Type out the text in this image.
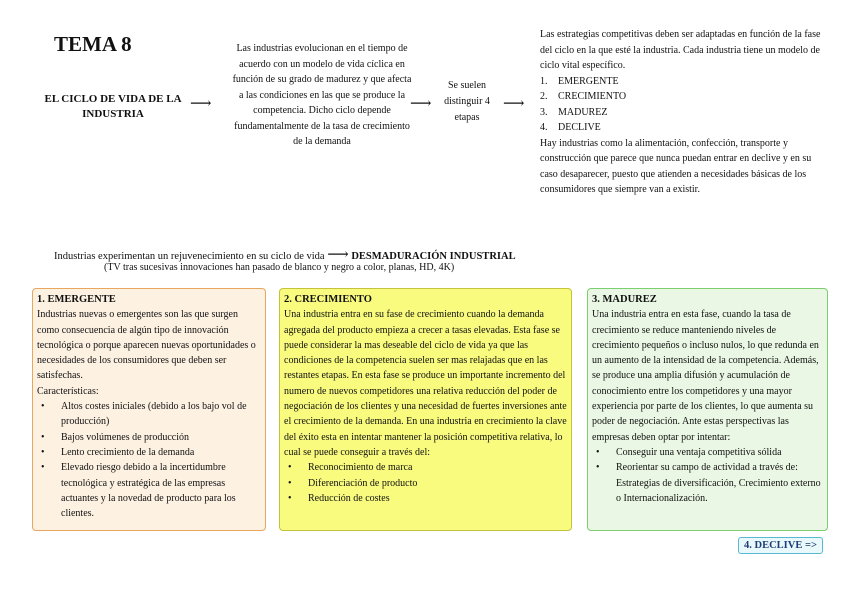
TEMA 8
EL CICLO DE VIDA DE LA INDUSTRIA
⟶
Las industrias evolucionan en el tiempo de acuerdo con un modelo de vida cíclica en función de su grado de madurez y que afecta a las condiciones en las que se produce la competencia. Dicho ciclo depende fundamentalmente de la tasa de crecimiento de la demanda
⟶
Se suelen distinguir 4 etapas
⟶
Las estrategias competitivas deben ser adaptadas en función de la fase del ciclo en la que esté la industria. Cada industria tiene un modelo de ciclo vital específico.
1. EMERGENTE
2. CRECIMIENTO
3. MADUREZ
4. DECLIVE
Hay industrias como la alimentación, confección, transporte y construcción que parece que nunca puedan entrar en declive y en su caso desaparecer, puesto que atienden a necesidades básicas de los consumidores que siempre van a existir.
Industrias experimentan un rejuvenecimiento en su ciclo de vida ⟶ DESMADURACIÓN INDUSTRIAL
(TV tras sucesivas innovaciones han pasado de blanco y negro a color, planas, HD, 4K)
1. EMERGENTE

Industrias nuevas o emergentes son las que surgen como consecuencia de algún tipo de innovación tecnológica o porque aparecen nuevas oportunidades o necesidades de los consumidores que deben ser satisfechas.

Características:

• Altos costes iniciales (debido a los bajo vol de producción)
• Bajos volúmenes de producción
• Lento crecimiento de la demanda
• Elevado riesgo debido a la incertidumbre tecnológica y estratégica de las empresas actuantes y la novedad de producto para los clientes.
2. CRECIMIENTO

Una industria entra en su fase de crecimiento cuando la demanda agregada del producto empieza a crecer a tasas elevadas. Esta fase se puede considerar la mas deseable del ciclo de vida ya que las condiciones de la competencia suelen ser mas relajadas que en las restantes etapas. En esta fase se produce un importante incremento del numero de nuevos competidores una relativa reducción del poder de negociación de los clientes y una necesidad de fuertes inversiones ante el crecimiento de la demanda. En una industria en crecimiento la clave del éxito esta en intentar mantener la posición competitiva relativa, lo cual se puede conseguir a través del:

• Reconocimiento de marca
• Diferenciación de producto
• Reducción de costes
3. MADUREZ

Una industria entra en esta fase, cuando la tasa de crecimiento se reduce manteniendo niveles de crecimiento pequeños o incluso nulos, lo que redunda en un aumento de la intensidad de la competencia. Además, se produce una amplia difusión y acumulación de conocimiento entre los competidores y una mayor experiencia por parte de los clientes, lo que aumenta su poder de negociación. Ante estas perspectivas las empresas deben optar por intentar:

• Conseguir una ventaja competitiva sólida
• Reorientar su campo de actividad a través de: Estrategias de diversificación, Crecimiento externo o Internacionalización.
4. DECLIVE =>
